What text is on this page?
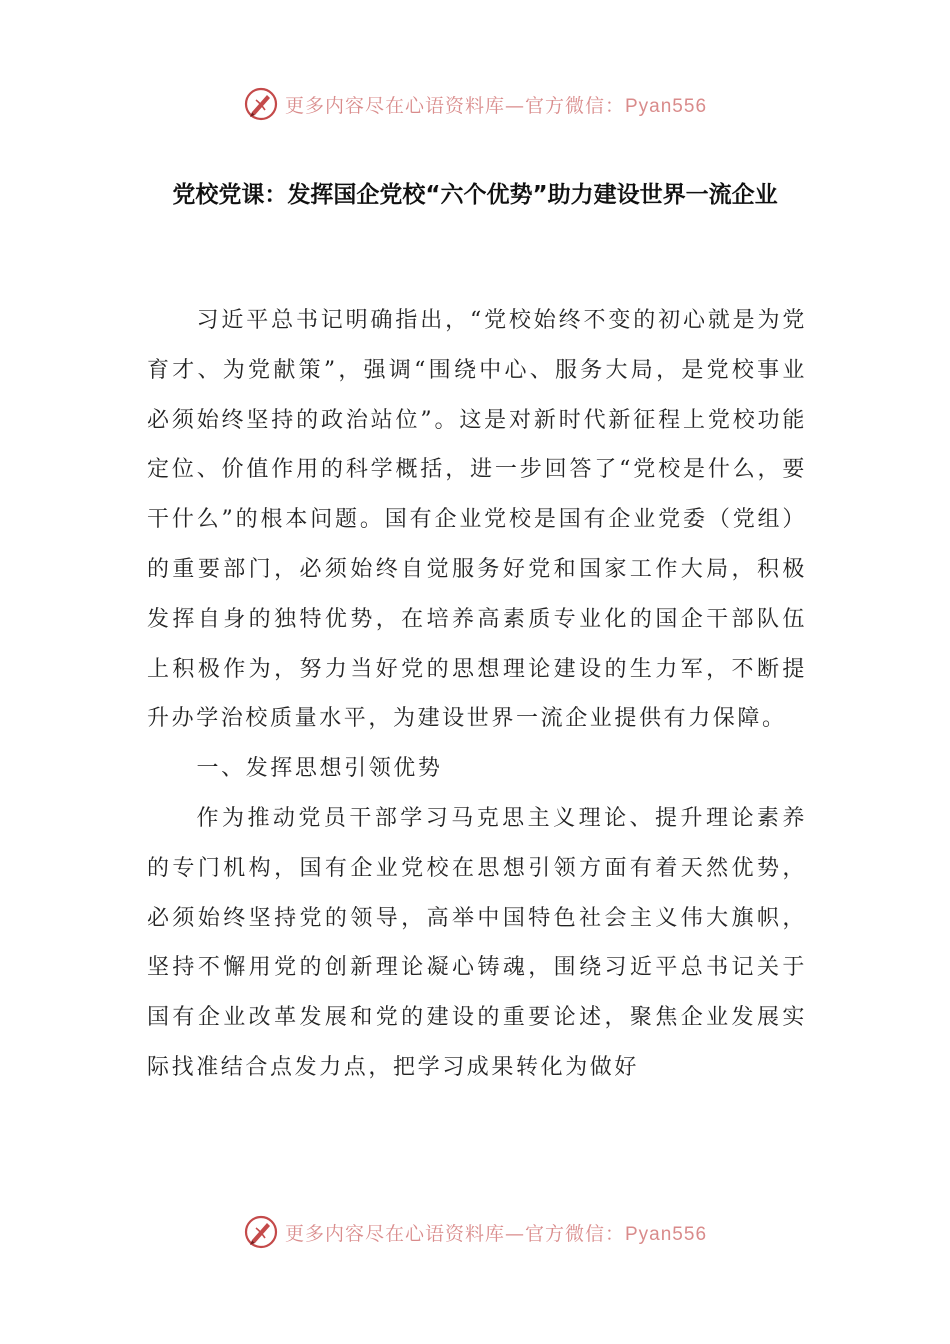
更多内容尽在心语资料库—官方微信：Pyan556
党校党课：发挥国企党校“六个优势”助力建设世界一流企业

习近平总书记明确指出，“党校始终不变的初心就是为党育才、为党献策”，强调“围绕中心、服务大局，是党校事业必须始终坚持的政治站位”。这是对新时代新征程上党校功能定位、价值作用的科学概括，进一步回答了“党校是什么，要干什么”的根本问题。国有企业党校是国有企业党委（党组）的重要部门，必须始终自觉服务好党和国家工作大局，积极发挥自身的独特优势，在培养高素质专业化的国企干部队伍上积极作为，努力当好党的思想理论建设的生力军，不断提升办学治校质量水平，为建设世界一流企业提供有力保障。

一、发挥思想引领优势

作为推动党员干部学习马克思主义理论、提升理论素养的专门机构，国有企业党校在思想引领方面有着天然优势，必须始终坚持党的领导，高举中国特色社会主义伟大旗帜，坚持不懈用党的创新理论凝心铸魂，围绕习近平总书记关于国有企业改革发展和党的建设的重要论述，聚焦企业发展实际找准结合点发力点，把学习成果转化为做好

更多内容尽在心语资料库—官方微信：Pyan556
